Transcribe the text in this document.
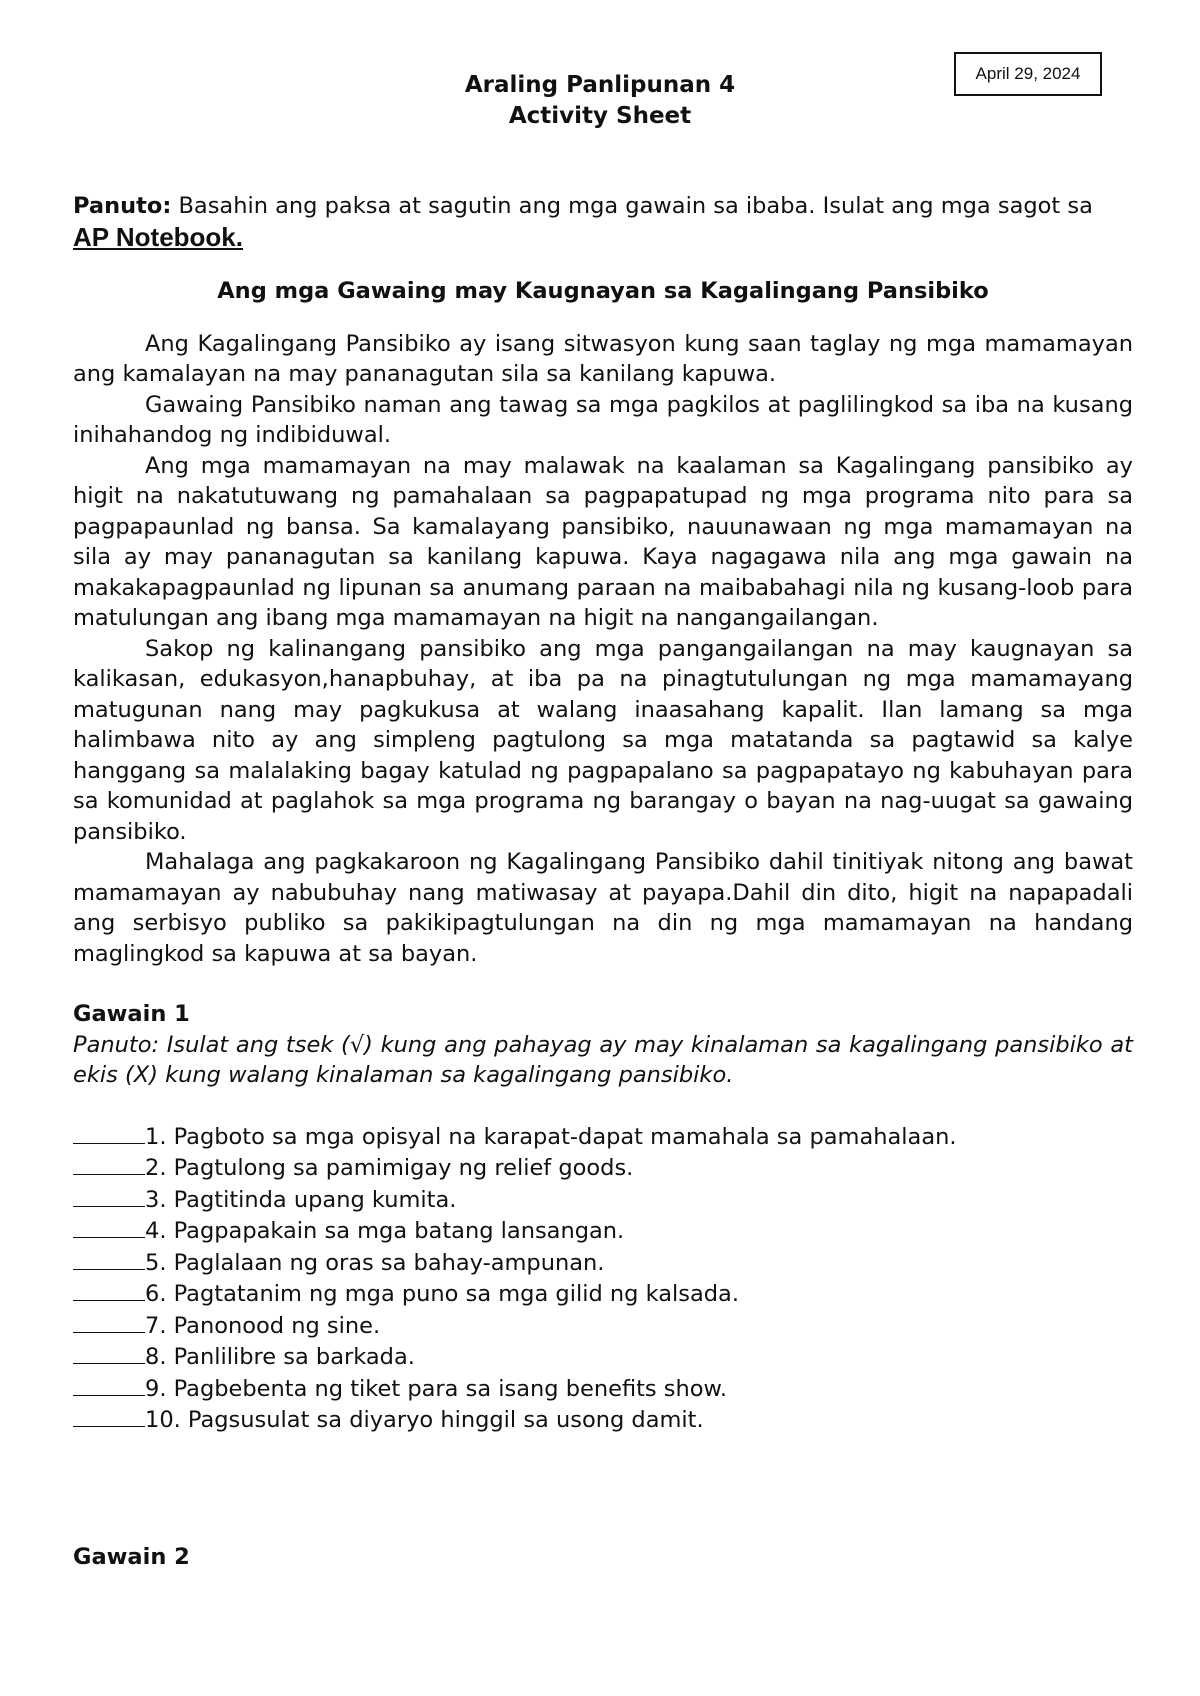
April 29, 2024
Araling Panlipunan 4
Activity Sheet

Panuto: Basahin ang paksa at sagutin ang mga gawain sa ibaba. Isulat ang mga sagot sa AP Notebook.

Ang mga Gawaing may Kaugnayan sa Kagalingang Pansibiko

Ang Kagalingang Pansibiko ay isang sitwasyon kung saan taglay ng mga mamamayan ang kamalayan na may pananagutan sila sa kanilang kapuwa.

Gawaing Pansibiko naman ang tawag sa mga pagkilos at paglilingkod sa iba na kusang inihahandog ng indibiduwal.

Ang mga mamamayan na may malawak na kaalaman sa Kagalingang pansibiko ay higit na nakatutuwang ng pamahalaan sa pagpapatupad ng mga programa nito para sa pagpapaunlad ng bansa. Sa kamalayang pansibiko, nauunawaan ng mga mamamayan na sila ay may pananagutan sa kanilang kapuwa. Kaya nagagawa nila ang mga gawain na makakapagpaunlad ng lipunan sa anumang paraan na maibabahagi nila ng kusang-loob para matulungan ang ibang mga mamamayan na higit na nangangailangan.

Sakop ng kalinangang pansibiko ang mga pangangailangan na may kaugnayan sa kalikasan, edukasyon,hanapbuhay, at iba pa na pinagtutulungan ng mga mamamayang matugunan nang may pagkukusa at walang inaasahang kapalit. Ilan lamang sa mga halimbawa nito ay ang simpleng pagtulong sa mga matatanda sa pagtawid sa kalye hanggang sa malalaking bagay katulad ng pagpapalano sa pagpapatayo ng kabuhayan para sa komunidad at paglahok sa mga programa ng barangay o bayan na nag-uugat sa gawaing pansibiko.

Mahalaga ang pagkakaroon ng Kagalingang Pansibiko dahil tinitiyak nitong ang bawat mamamayan ay nabubuhay nang matiwasay at payapa.Dahil din dito, higit na napapadali ang serbisyo publiko sa pakikipagtulungan na din ng mga mamamayan na handang maglingkod sa kapuwa at sa bayan.

Gawain 1

Panuto: Isulat ang tsek (√) kung ang pahayag ay may kinalaman sa kagalingang pansibiko at ekis (X) kung walang kinalaman sa kagalingang pansibiko.

1. Pagboto sa mga opisyal na karapat-dapat mamahala sa pamahalaan.
2. Pagtulong sa pamimigay ng relief goods.
3. Pagtitinda upang kumita.
4. Pagpapakain sa mga batang lansangan.
5. Paglalaan ng oras sa bahay-ampunan.
6. Pagtatanim ng mga puno sa mga gilid ng kalsada.
7. Panonood ng sine.
8. Panlilibre sa barkada.
9. Pagbebenta ng tiket para sa isang benefits show.
10. Pagsusulat sa diyaryo hinggil sa usong damit.
Gawain 2
